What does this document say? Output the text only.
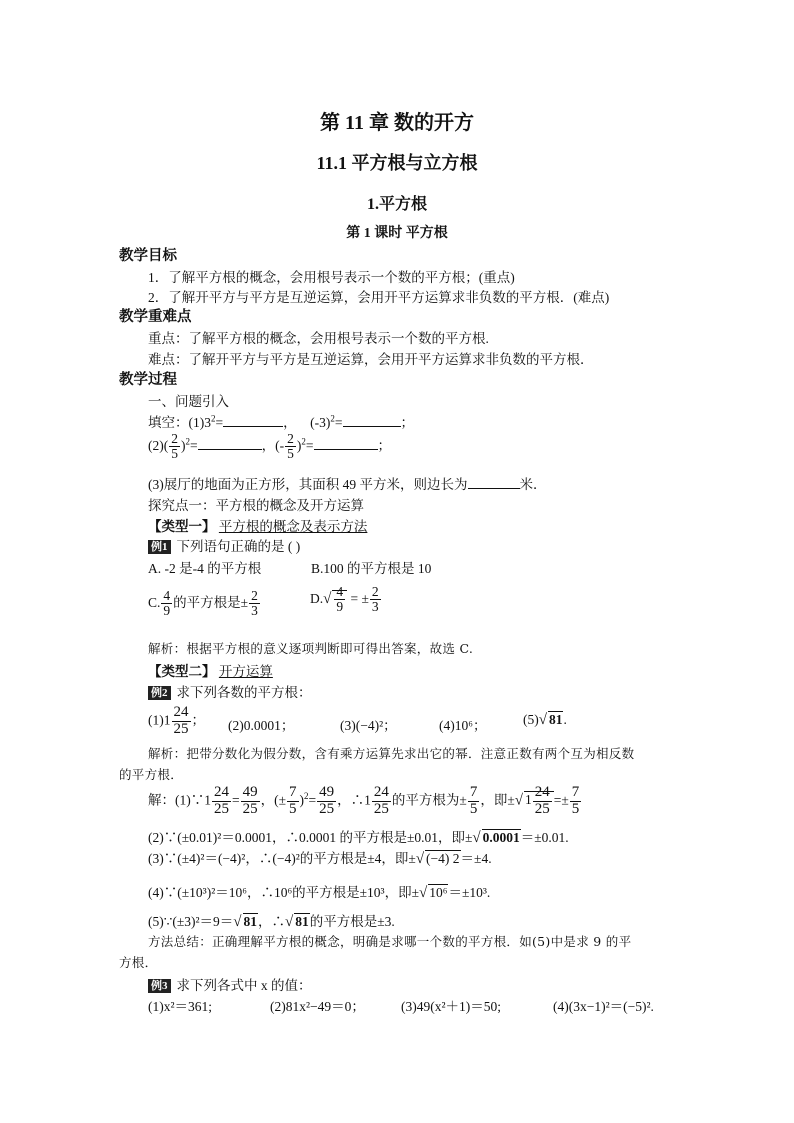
第 11 章 数的开方
11.1 平方根与立方根
1.平方根
第 1 课时 平方根
教学目标
1．了解平方根的概念，会用根号表示一个数的平方根；(重点)
2．了解开平方与平方是互逆运算，会用开平方运算求非负数的平方根．(难点)
教学重难点
重点：了解平方根的概念，会用根号表示一个数的平方根.
难点：了解开平方与平方是互逆运算，会用开平方运算求非负数的平方根．
教学过程
一、问题引入
填空：$(1)3^2=$	，    $(-3)^2=$	；
$(2)( \frac{2}{5} )^2=$	，(- $\frac{2}{5} )^2=$	；
(3)展厅的地面为正方形，其面积 49 平方米，则边长为	米．
探究点一：平方根的概念及开方运算
【类型一】 平方根的概念及表示方法
例1 下列语句正确的是 ( )
A. -2 是-4 的平方根	B.100 的平方根是 10
C. $\frac{4}{9}$ 的平方根是± $\frac{2}{3}$	$D.√ \frac{4}{9}$ = ± $\frac{2}{3}$
解析：根据平方根的意义逐项判断即可得出答案，故选 C.
【类型二】 开方运算
例2 求下列各数的平方根：
$(1)1 \frac{24}{25}$ ； (2)0.0001；	(3)(−4)²；	(4)10⁶；	(5)√ 81.
解析：把带分数化为假分数，含有乘方运算先求出它的幂．注意正数有两个互为相反数
的平方根．
解：(1)∵1 $\frac{24}{25} = \frac{49}{25}$ ，(± $\frac{7}{5} )^2= \frac{49}{25}$ ，∴1 $\frac{24}{25}$ 的平方根为± $\frac{7}{5}$ ，即±√ $1 \frac{24}{25} =\pm \frac{7}{5}$
(2)∵(±0.01)²＝0.0001，∴0.0001 的平方根是±0.01，即±√ 0.0001＝±0.01.
(3)∵(±4)²＝(−4)²，∴(−4)²的平方根是±4，即±√ (−4) 2＝±4.
(4)∵(±10³)²＝10⁶，∴10⁶的平方根是±10³，即±√ 10⁶＝±10³.
(5)∵(±3)²＝9＝√ 81，∴√ 81的平方根是±3.
方法总结：正确理解平方根的概念，明确是求哪一个数的平方根．如(5)中是求 9 的平
方根．
例3 求下列各式中 x 的值：
(1)x²＝361;	(2)81x²−49＝0；	(3)49(x²＋1)＝50;	(4)(3x−1)²＝(−5)².
